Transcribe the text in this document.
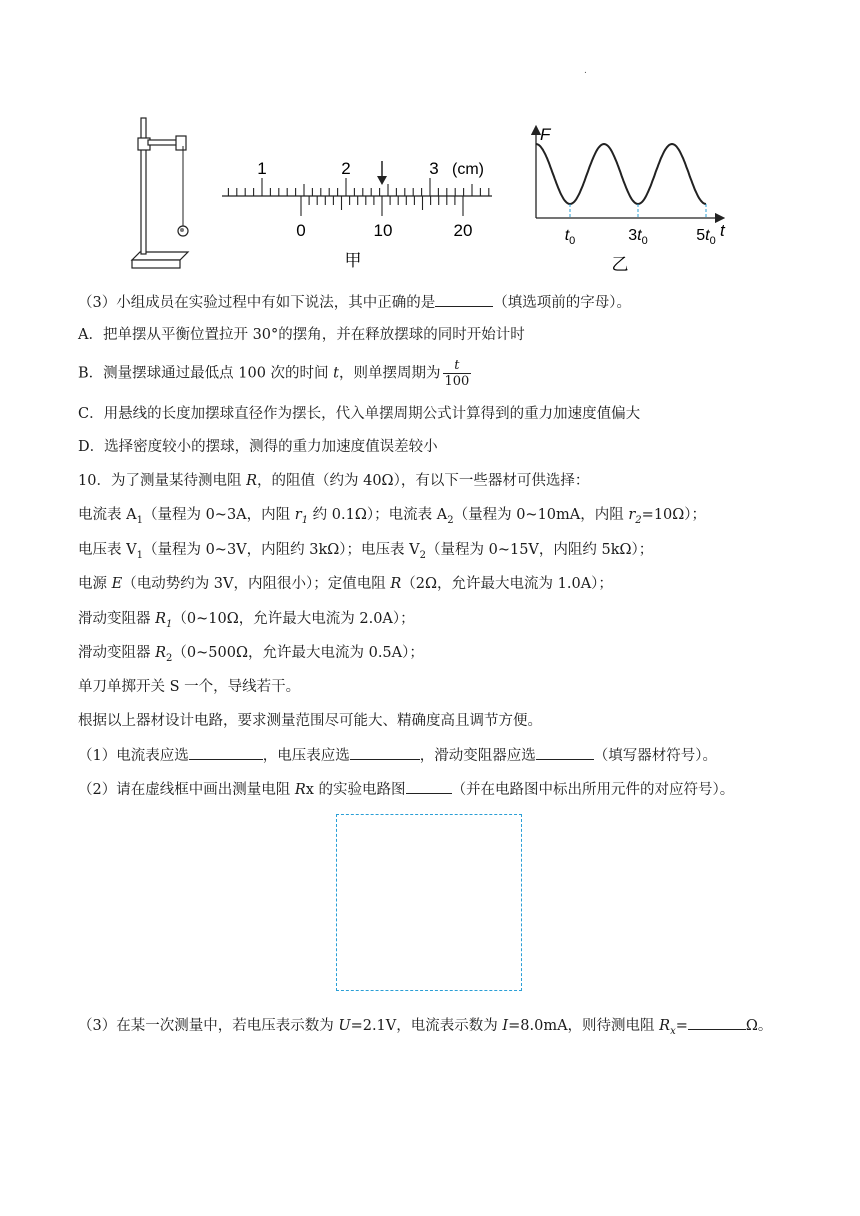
.
1	2	3 (cm)
0	10	20
甲
F
t
$t_0$	$3t_0$	$5t_0$
乙
（3）小组成员在实验过程中有如下说法，其中正确的是	（填选项前的字母）。
A．把单摆从平衡位置拉开 30°的摆角，并在释放摆球的同时开始计时
B．测量摆球通过最低点 100 次的时间 t，则单摆周期为 $\frac{t}{100}$
C．用悬线的长度加摆球直径作为摆长，代入单摆周期公式计算得到的重力加速度值偏大
D．选择密度较小的摆球，测得的重力加速度值误差较小
10．为了测量某待测电阻 R，的阻值（约为 40Ω），有以下一些器材可供选择：
电流表 $A_1$（量程为 0~3A，内阻 $r_1$ 约 0.1Ω）；电流表 $A_2$（量程为 0~10mA，内阻 $r_2=10\Omega$）；
电压表 $V_1$（量程为 0~3V，内阻约 3kΩ）；电压表 $V_2$（量程为 0~15V，内阻约 5kΩ）；
电源 E（电动势约为 3V，内阻很小）；定值电阻 R（2Ω，允许最大电流为 1.0A）；
滑动变阻器 $R_1(0\sim 10\Omega$，允许最大电流为 2.0A）；
滑动变阻器 $R_2(0\sim 500\Omega$，允许最大电流为 0.5A）；
单刀单掷开关 S 一个，导线若干。
根据以上器材设计电路，要求测量范围尽可能大、精确度高且调节方便。
（1）电流表应选	，电压表应选	，滑动变阻器应选	（填写器材符号）。
（2）请在虚线框中画出测量电阻 Rx 的实验电路图	（并在电路图中标出所用元件的对应符号）。
（3）在某一次测量中，若电压表示数为 U=2.1V，电流表示数为 I=8.0mA，则待测电阻 $R_x=$	Ω。
